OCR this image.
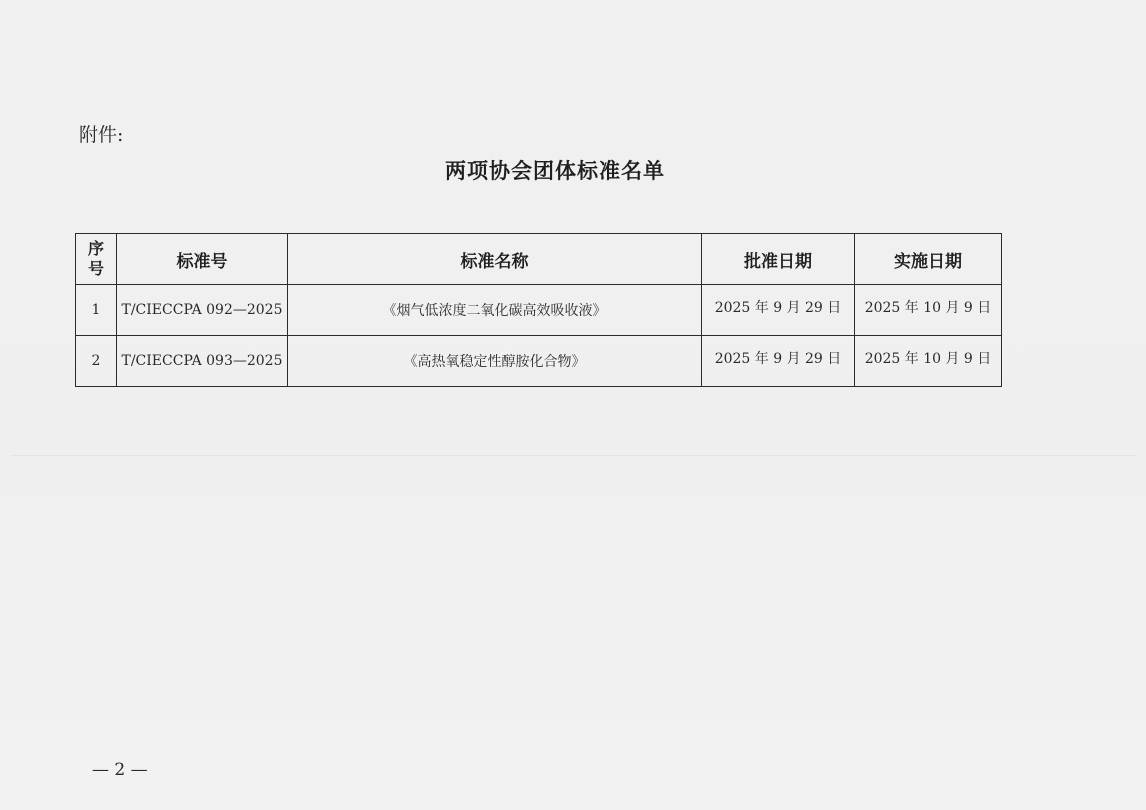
附件:
两项协会团体标准名单
序
号	标准号	标准名称	批准日期	实施日期
1	T/CIECCPA 092—2025	《烟气低浓度二氧化碳高效吸收液》	2025 年 9 月 29 日	2025 年 10 月 9 日
2	T/CIECCPA 093—2025	《高热氧稳定性醇胺化合物》	2025 年 9 月 29 日	2025 年 10 月 9 日
— 2 —
